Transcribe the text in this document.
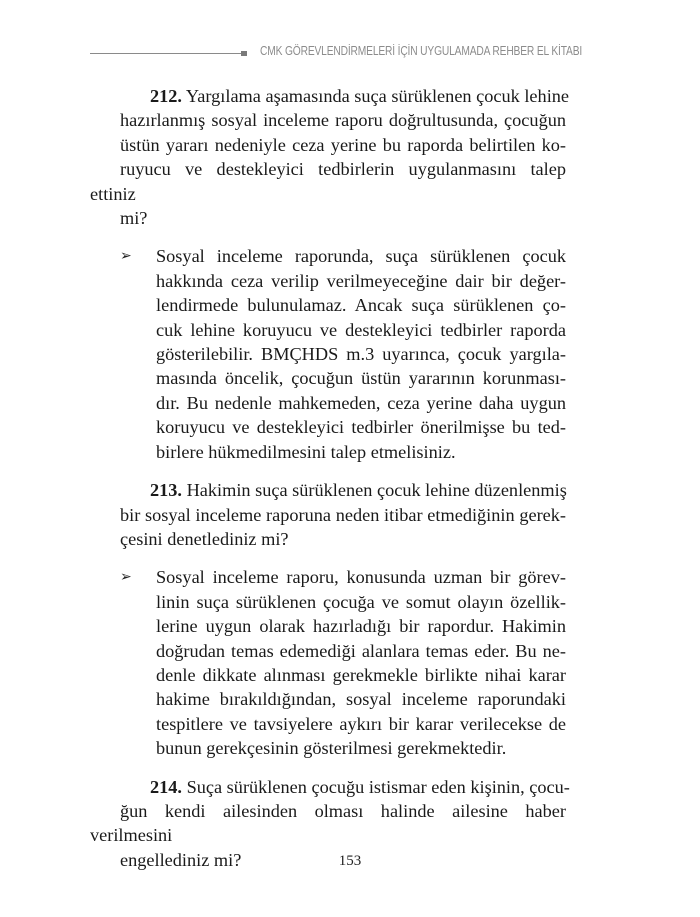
CMK GÖREVLENDİRMELERİ İÇİN UYGULAMADA REHBER EL KİTABI
212. Yargılama aşamasında suça sürüklenen çocuk lehine
hazırlanmış sosyal inceleme raporu doğrultusunda, çocuğun
üstün yararı nedeniyle ceza yerine bu raporda belirtilen ko-
ruyucu ve destekleyici tedbirlerin uygulanmasını talep ettiniz
mi?
➢ Sosyal inceleme raporunda, suça sürüklenen çocuk
hakkında ceza verilip verilmeyeceğine dair bir değer-
lendirmede bulunulamaz. Ancak suça sürüklenen ço-
cuk lehine koruyucu ve destekleyici tedbirler raporda
gösterilebilir. BMÇHDS m.3 uyarınca, çocuk yargıla-
masında öncelik, çocuğun üstün yararının korunması-
dır. Bu nedenle mahkemeden, ceza yerine daha uygun
koruyucu ve destekleyici tedbirler önerilmişse bu ted-
birlere hükmedilmesini talep etmelisiniz.
213. Hakimin suça sürüklenen çocuk lehine düzenlenmiş
bir sosyal inceleme raporuna neden itibar etmediğinin gerek-
çesini denetlediniz mi?
➢ Sosyal inceleme raporu, konusunda uzman bir görev-
linin suça sürüklenen çocuğa ve somut olayın özellik-
lerine uygun olarak hazırladığı bir rapordur. Hakimin
doğrudan temas edemediği alanlara temas eder. Bu ne-
denle dikkate alınması gerekmekle birlikte nihai karar
hakime bırakıldığından, sosyal inceleme raporundaki
tespitlere ve tavsiyelere aykırı bir karar verilecekse de
bunun gerekçesinin gösterilmesi gerekmektedir.
214. Suça sürüklenen çocuğu istismar eden kişinin, çocu-
ğun kendi ailesinden olması halinde ailesine haber verilmesini
engellediniz mi?	153
